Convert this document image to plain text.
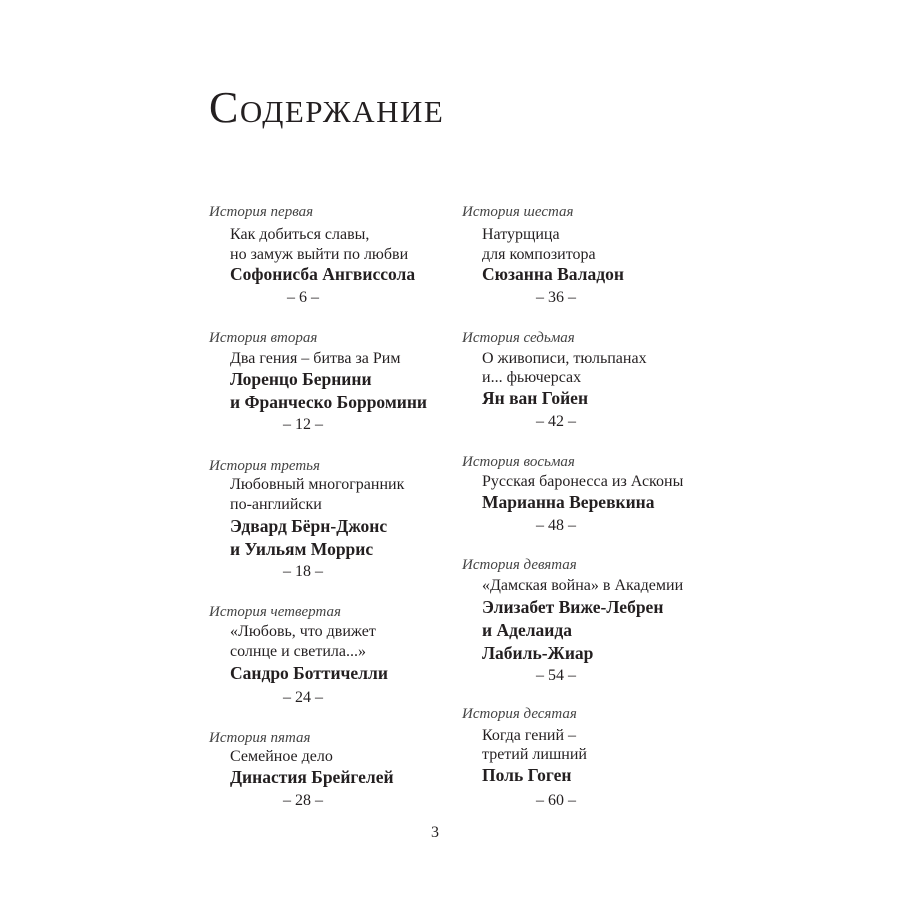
Содержание
История первая
Как добиться славы,
но замуж выйти по любви
Софонисба Ангвиссола
– 6 –
История вторая
Два гения – битва за Рим
Лоренцо Бернини
и Франческо Борромини
– 12 –
История третья
Любовный многогранник
по-английски
Эдвард Бёрн-Джонс
и Уильям Моррис
– 18 –
История четвертая
«Любовь, что движет
солнце и светила...»
Сандро Боттичелли
– 24 –
История пятая
Семейное дело
Династия Брейгелей
– 28 –
История шестая
Натурщица
для композитора
Сюзанна Валадон
– 36 –
История седьмая
О живописи, тюльпанах
и... фьючерсах
Ян ван Гойен
– 42 –
История восьмая
Русская баронесса из Асконы
Марианна Веревкина
– 48 –
История девятая
«Дамская война» в Академии
Элизабет Виже-Лебрен
и Аделаида
Лабиль-Жиар
– 54 –
История десятая
Когда гений –
третий лишний
Поль Гоген
– 60 –
3
